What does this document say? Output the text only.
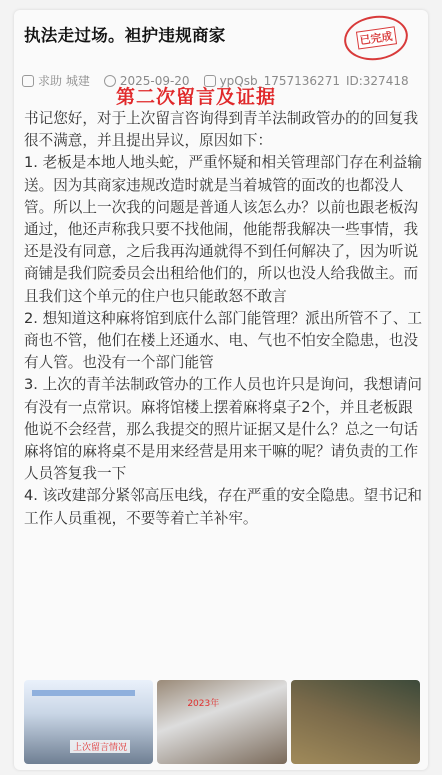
执法走过场。袒护违规商家	已完成
求助 城建	2025-09-20	ypQsb_1757136271 ID:327418
第二次留言及证据

书记您好，对于上次留言咨询得到青羊法制政管办的的回复我很不满意，并且提出异议，原因如下：

1. 老板是本地人地头蛇，严重怀疑和相关管理部门存在利益输送。因为其商家违规改造时就是当着城管的面改的也都没人管。所以上一次我的问题是普通人该怎么办？以前也跟老板沟通过，他还声称我只要不找他闹，他能帮我解决一些事情，我还是没有同意，之后我再沟通就得不到任何解决了，因为听说商铺是我们院委员会出租给他们的，所以也没人给我做主。而且我们这个单元的住户也只能敢怒不敢言

2. 想知道这种麻将馆到底什么部门能管理？派出所管不了、工商也不管，他们在楼上还通水、电、气也不怕安全隐患，也没有人管。也没有一个部门能管

3. 上次的青羊法制政管办的工作人员也许只是询问，我想请问有没有一点常识。麻将馆楼上摆着麻将桌子2个，并且老板跟他说不会经营，那么我提交的照片证据又是什么？总之一句话麻将馆的麻将桌不是用来经营是用来干嘛的呢？请负责的工作人员答复我一下

4. 该改建部分紧邻高压电线，存在严重的安全隐患。望书记和工作人员重视，不要等着亡羊补牢。

上次留言情况
2023年
